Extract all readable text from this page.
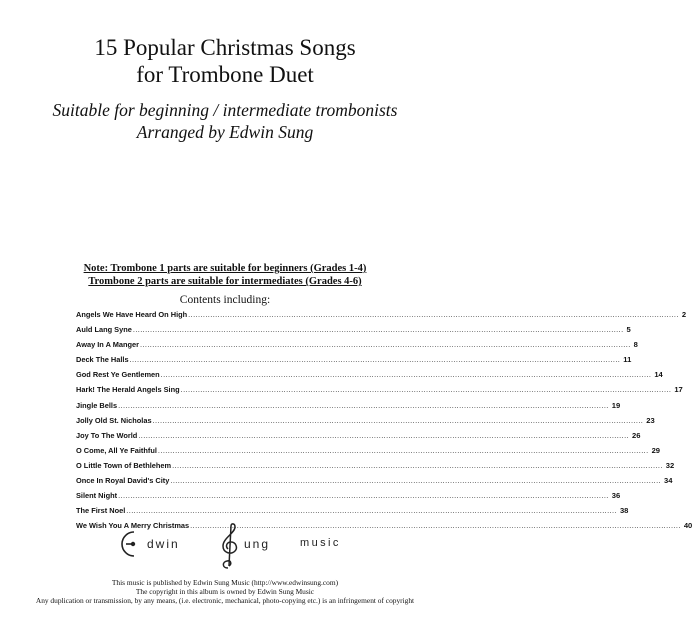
15 Popular Christmas Songs
for Trombone Duet
Suitable for beginning / intermediate trombonists
Arranged by Edwin Sung
Note: Trombone 1 parts are suitable for beginners (Grades 1-4)
Trombone 2 parts are suitable for intermediates (Grades 4-6)
Contents including:
Angels We Have Heard On High ........................................................................................................................................................................................................ 2
Auld Lang Syne ........................................................................................................................................................................................................ 5
Away In A Manger ........................................................................................................................................................................................................ 8
Deck The Halls ........................................................................................................................................................................................................ 11
God Rest Ye Gentlemen ........................................................................................................................................................................................................ 14
Hark! The Herald Angels Sing ........................................................................................................................................................................................................ 17
Jingle Bells ........................................................................................................................................................................................................ 19
Jolly Old St. Nicholas ........................................................................................................................................................................................................ 23
Joy To The World ........................................................................................................................................................................................................ 26
O Come, All Ye Faithful ........................................................................................................................................................................................................ 29
O Little Town of Bethlehem ........................................................................................................................................................................................................ 32
Once In Royal David's City ........................................................................................................................................................................................................ 34
Silent Night ........................................................................................................................................................................................................ 36
The First Noel ........................................................................................................................................................................................................ 38
We Wish You A Merry Christmas ........................................................................................................................................................................................................ 40
dwin	ung	music
This music is published by Edwin Sung Music (http://www.edwinsung.com)
The copyright in this album is owned by Edwin Sung Music
Any duplication or transmission, by any means, (i.e. electronic, mechanical, photo-copying etc.) is an infringement of copyright
